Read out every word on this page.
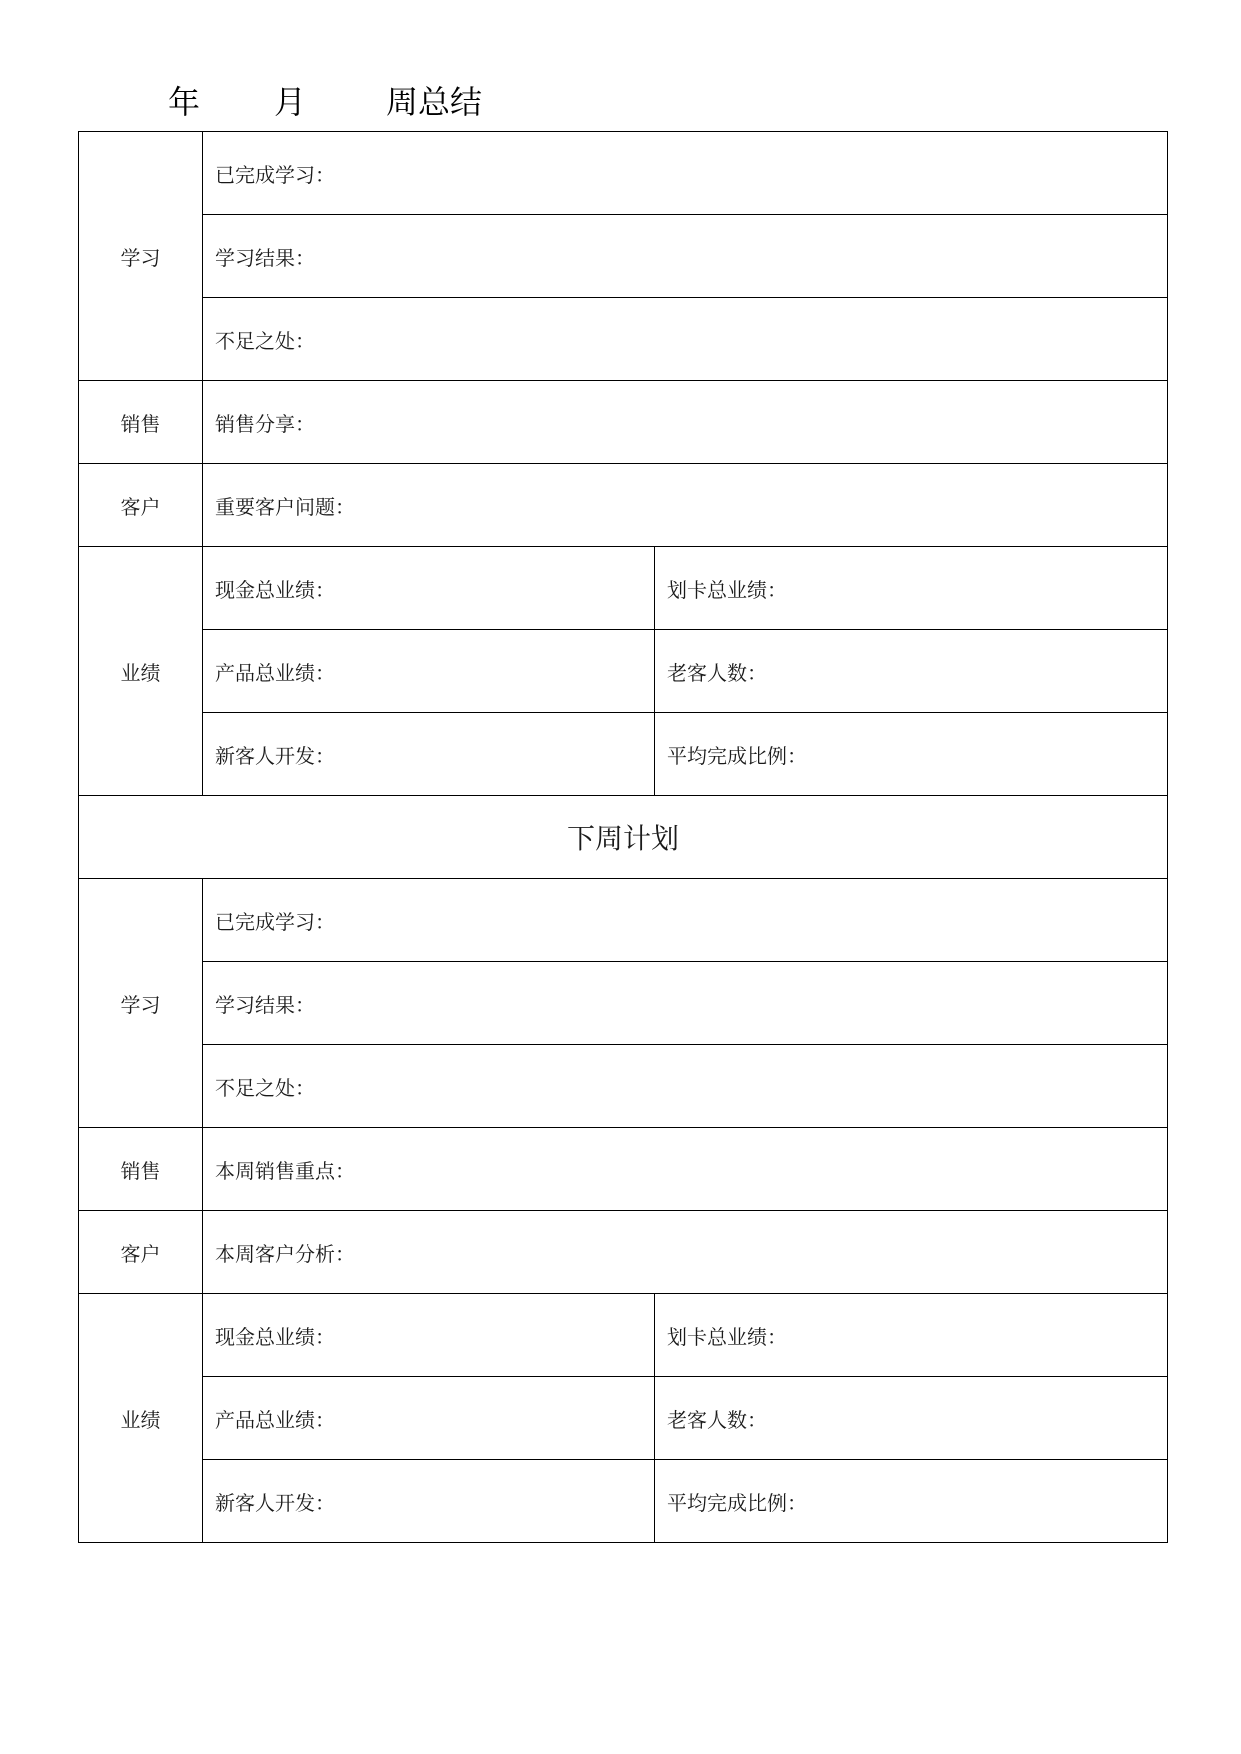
年 月 周总结
学习	已完成学习：	
	学习结果：	
	不足之处：	
销售	销售分享：	
客户	重要客户问题：	
业绩	现金总业绩：	划卡总业绩：
	产品总业绩：	老客人数：
	新客人开发：	平均完成比例：
下周计划		
学习	已完成学习：	
	学习结果：	
	不足之处：	
销售	本周销售重点：	
客户	本周客户分析：	
业绩	现金总业绩：	划卡总业绩：
	产品总业绩：	老客人数：
	新客人开发：	平均完成比例：
